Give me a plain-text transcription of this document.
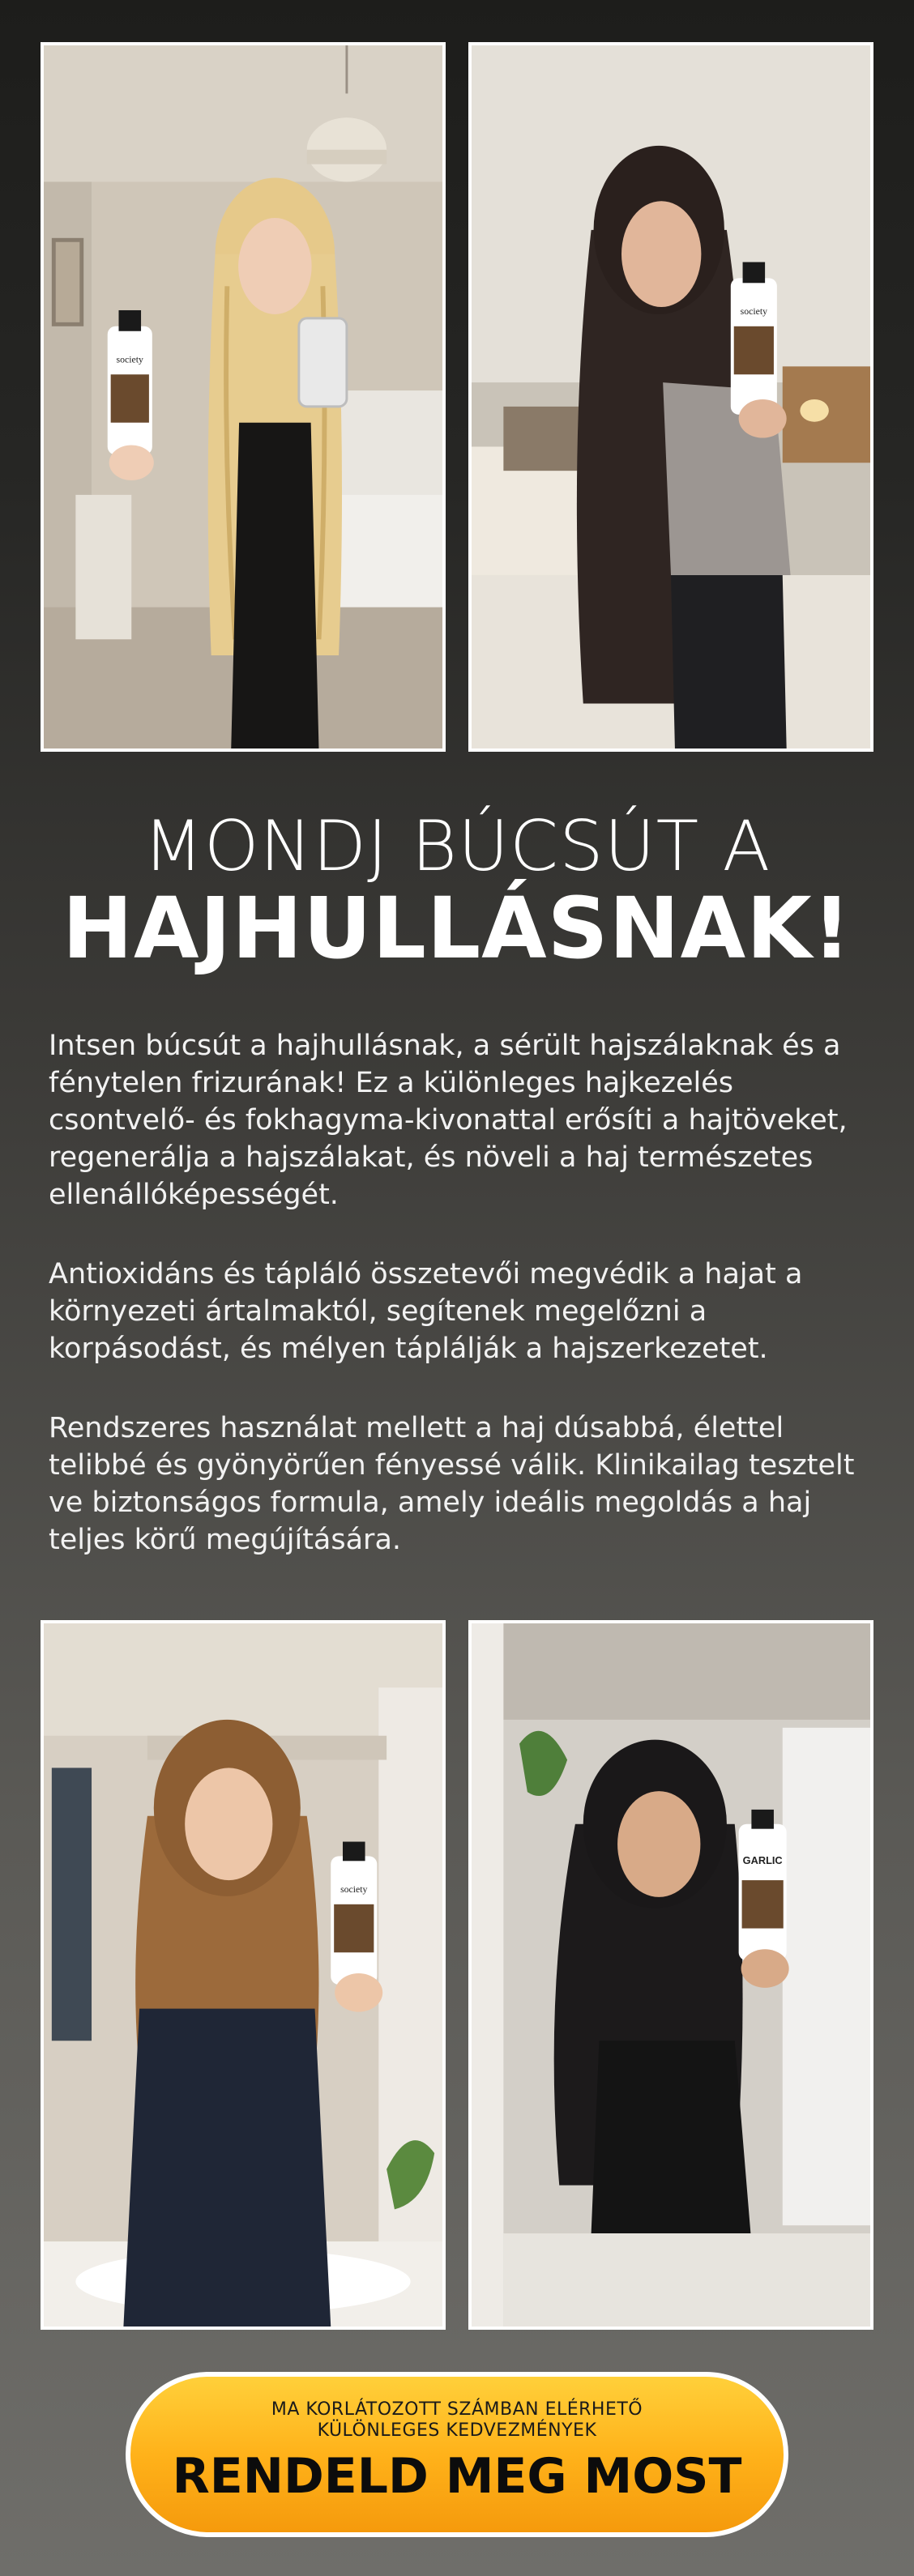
society
society
MONDJ BÚCSÚT A
HAJHULLÁSNAK!

Intsen búcsút a hajhullásnak, a sérült hajszálaknak és a fénytelen frizurának! Ez a különleges hajkezelés csontvelő- és fokhagyma-kivonattal erősíti a hajtöveket, regenerálja a hajszálakat, és növeli a haj természetes ellenállóképességét.

Antioxidáns és tápláló összetevői megvédik a hajat a környezeti ártalmaktól, segítenek megelőzni a korpásodást, és mélyen táplálják a hajszerkezetet.

Rendszeres használat mellett a haj dúsabbá, élettel telibbé és gyönyörűen fényessé válik. Klinikailag tesztelt ve biztonságos formula, amely ideális megoldás a haj teljes körű megújítására.

society
GARLIC
MA KORLÁTOZOTT SZÁMBAN ELÉRHETŐ
KÜLÖNLEGES KEDVEZMÉNYEK
RENDELD MEG MOST
